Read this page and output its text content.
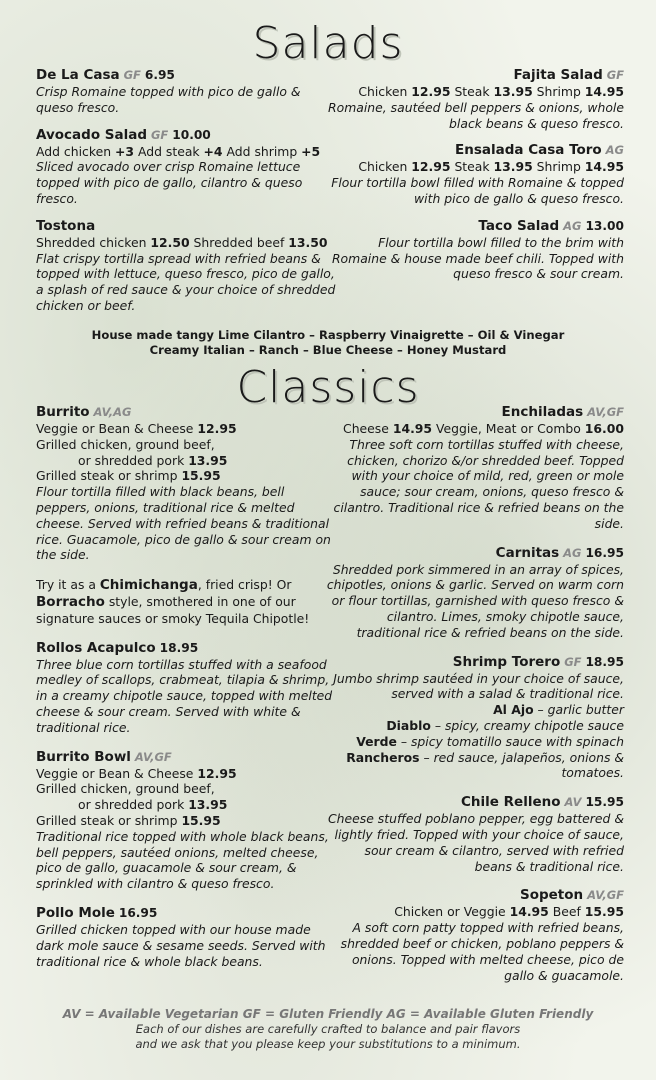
Salads
De La Casa GF 6.95
Crisp Romaine topped with pico de gallo & queso fresco.
Avocado Salad GF 10.00
Add chicken +3 Add steak +4 Add shrimp +5
Sliced avocado over crisp Romaine lettuce topped with pico de gallo, cilantro & queso fresco.
Tostona
Shredded chicken 12.50 Shredded beef 13.50
Flat crispy tortilla spread with refried beans & topped with lettuce, queso fresco, pico de gallo, a splash of red sauce & your choice of shredded chicken or beef.
Fajita Salad GF
Chicken 12.95 Steak 13.95 Shrimp 14.95
Romaine, sautéed bell peppers & onions, whole black beans & queso fresco.
Ensalada Casa Toro AG
Chicken 12.95 Steak 13.95 Shrimp 14.95
Flour tortilla bowl filled with Romaine & topped with pico de gallo & queso fresco.
Taco Salad AG 13.00
Flour tortilla bowl filled to the brim with Romaine & house made beef chili. Topped with queso fresco & sour cream.
House made tangy Lime Cilantro – Raspberry Vinaigrette – Oil & Vinegar
Creamy Italian – Ranch – Blue Cheese – Honey Mustard
Classics
Burrito AV,AG
Veggie or Bean & Cheese 12.95
Grilled chicken, ground beef,
or shredded pork 13.95
Grilled steak or shrimp 15.95
Flour tortilla filled with black beans, bell peppers, onions, traditional rice & melted cheese. Served with refried beans & traditional rice. Guacamole, pico de gallo & sour cream on the side.
Try it as a Chimichanga, fried crisp! Or Borracho style, smothered in one of our signature sauces or smoky Tequila Chipotle!
Rollos Acapulco 18.95
Three blue corn tortillas stuffed with a seafood medley of scallops, crabmeat, tilapia & shrimp, in a creamy chipotle sauce, topped with melted cheese & sour cream. Served with white & traditional rice.
Burrito Bowl AV,GF
Veggie or Bean & Cheese 12.95
Grilled chicken, ground beef,
or shredded pork 13.95
Grilled steak or shrimp 15.95
Traditional rice topped with whole black beans, bell peppers, sautéed onions, melted cheese, pico de gallo, guacamole & sour cream, & sprinkled with cilantro & queso fresco.
Pollo Mole 16.95
Grilled chicken topped with our house made dark mole sauce & sesame seeds. Served with traditional rice & whole black beans.
Enchiladas AV,GF
Cheese 14.95 Veggie, Meat or Combo 16.00
Three soft corn tortillas stuffed with cheese, chicken, chorizo &/or shredded beef. Topped with your choice of mild, red, green or mole sauce; sour cream, onions, queso fresco & cilantro. Traditional rice & refried beans on the side.
Carnitas AG 16.95
Shredded pork simmered in an array of spices, chipotles, onions & garlic. Served on warm corn or flour tortillas, garnished with queso fresco & cilantro. Limes, smoky chipotle sauce, traditional rice & refried beans on the side.
Shrimp Torero GF 18.95
Jumbo shrimp sautéed in your choice of sauce, served with a salad & traditional rice.
Al Ajo – garlic butter
Diablo – spicy, creamy chipotle sauce
Verde – spicy tomatillo sauce with spinach
Rancheros – red sauce, jalapeños, onions & tomatoes.
Chile Relleno AV 15.95
Cheese stuffed poblano pepper, egg battered & lightly fried. Topped with your choice of sauce, sour cream & cilantro, served with refried beans & traditional rice.
Sopeton AV,GF
Chicken or Veggie 14.95 Beef 15.95
A soft corn patty topped with refried beans, shredded beef or chicken, poblano peppers & onions. Topped with melted cheese, pico de gallo & guacamole.
AV = Available Vegetarian GF = Gluten Friendly AG = Available Gluten Friendly
Each of our dishes are carefully crafted to balance and pair flavors
and we ask that you please keep your substitutions to a minimum.
